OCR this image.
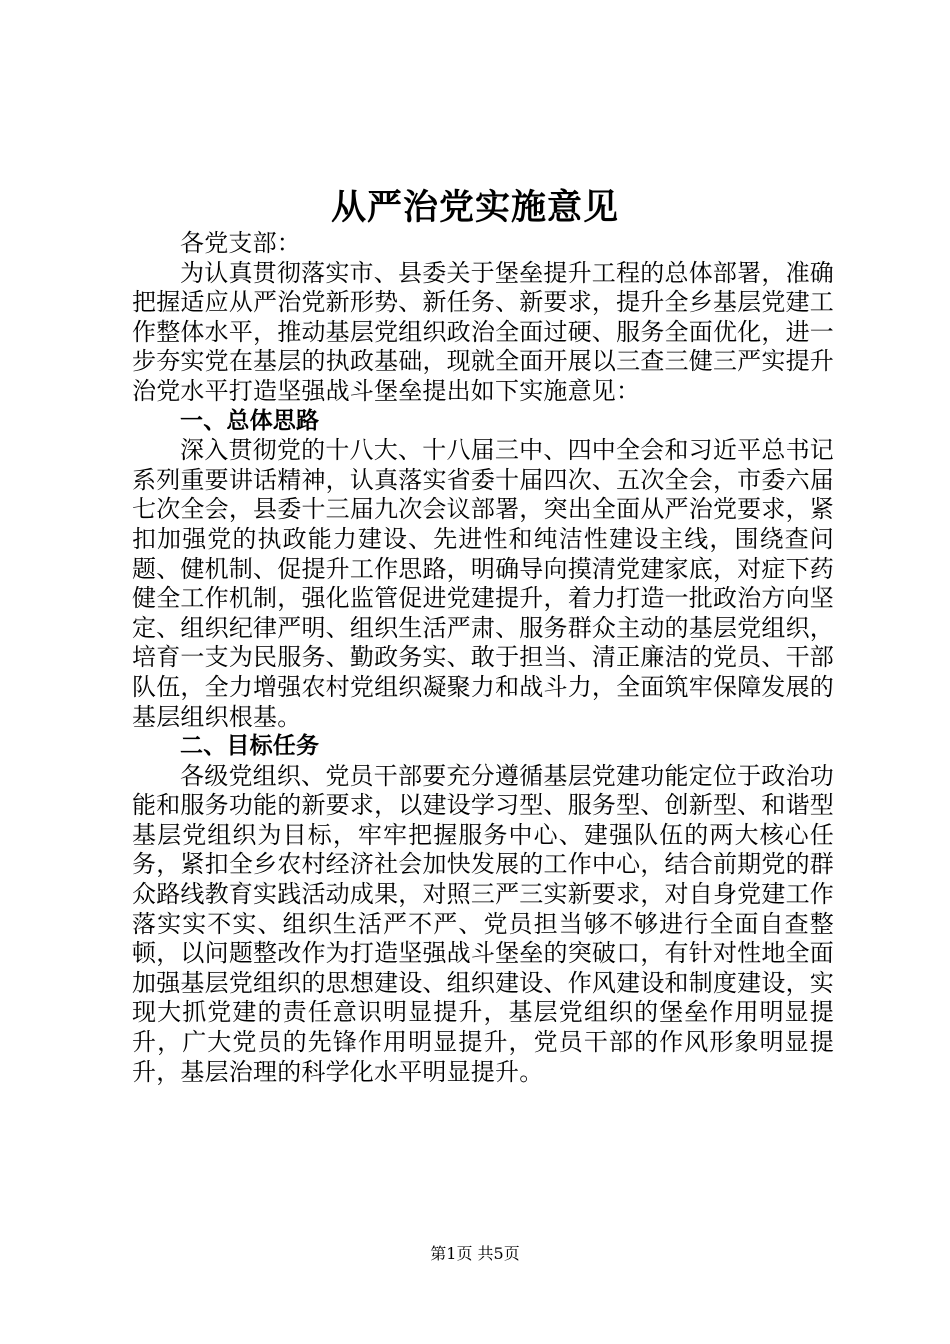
从严治党实施意见

各党支部：

为认真贯彻落实市、县委关于堡垒提升工程的总体部署，准确把握适应从严治党新形势、新任务、新要求，提升全乡基层党建工作整体水平，推动基层党组织政治全面过硬、服务全面优化，进一步夯实党在基层的执政基础，现就全面开展以三查三健三严实提升治党水平打造坚强战斗堡垒提出如下实施意见：

一、总体思路

深入贯彻党的十八大、十八届三中、四中全会和习近平总书记系列重要讲话精神，认真落实省委十届四次、五次全会，市委六届七次全会，县委十三届九次会议部署，突出全面从严治党要求，紧扣加强党的执政能力建设、先进性和纯洁性建设主线，围绕查问题、健机制、促提升工作思路，明确导向摸清党建家底，对症下药健全工作机制，强化监管促进党建提升，着力打造一批政治方向坚定、组织纪律严明、组织生活严肃、服务群众主动的基层党组织，培育一支为民服务、勤政务实、敢于担当、清正廉洁的党员、干部队伍，全力增强农村党组织凝聚力和战斗力，全面筑牢保障发展的基层组织根基。

二、目标任务

各级党组织、党员干部要充分遵循基层党建功能定位于政治功能和服务功能的新要求，以建设学习型、服务型、创新型、和谐型基层党组织为目标，牢牢把握服务中心、建强队伍的两大核心任务，紧扣全乡农村经济社会加快发展的工作中心，结合前期党的群众路线教育实践活动成果，对照三严三实新要求，对自身党建工作落实实不实、组织生活严不严、党员担当够不够进行全面自查整顿，以问题整改作为打造坚强战斗堡垒的突破口，有针对性地全面加强基层党组织的思想建设、组织建设、作风建设和制度建设，实现大抓党建的责任意识明显提升，基层党组织的堡垒作用明显提升，广大党员的先锋作用明显提升，党员干部的作风形象明显提升，基层治理的科学化水平明显提升。

第1页 共5页
